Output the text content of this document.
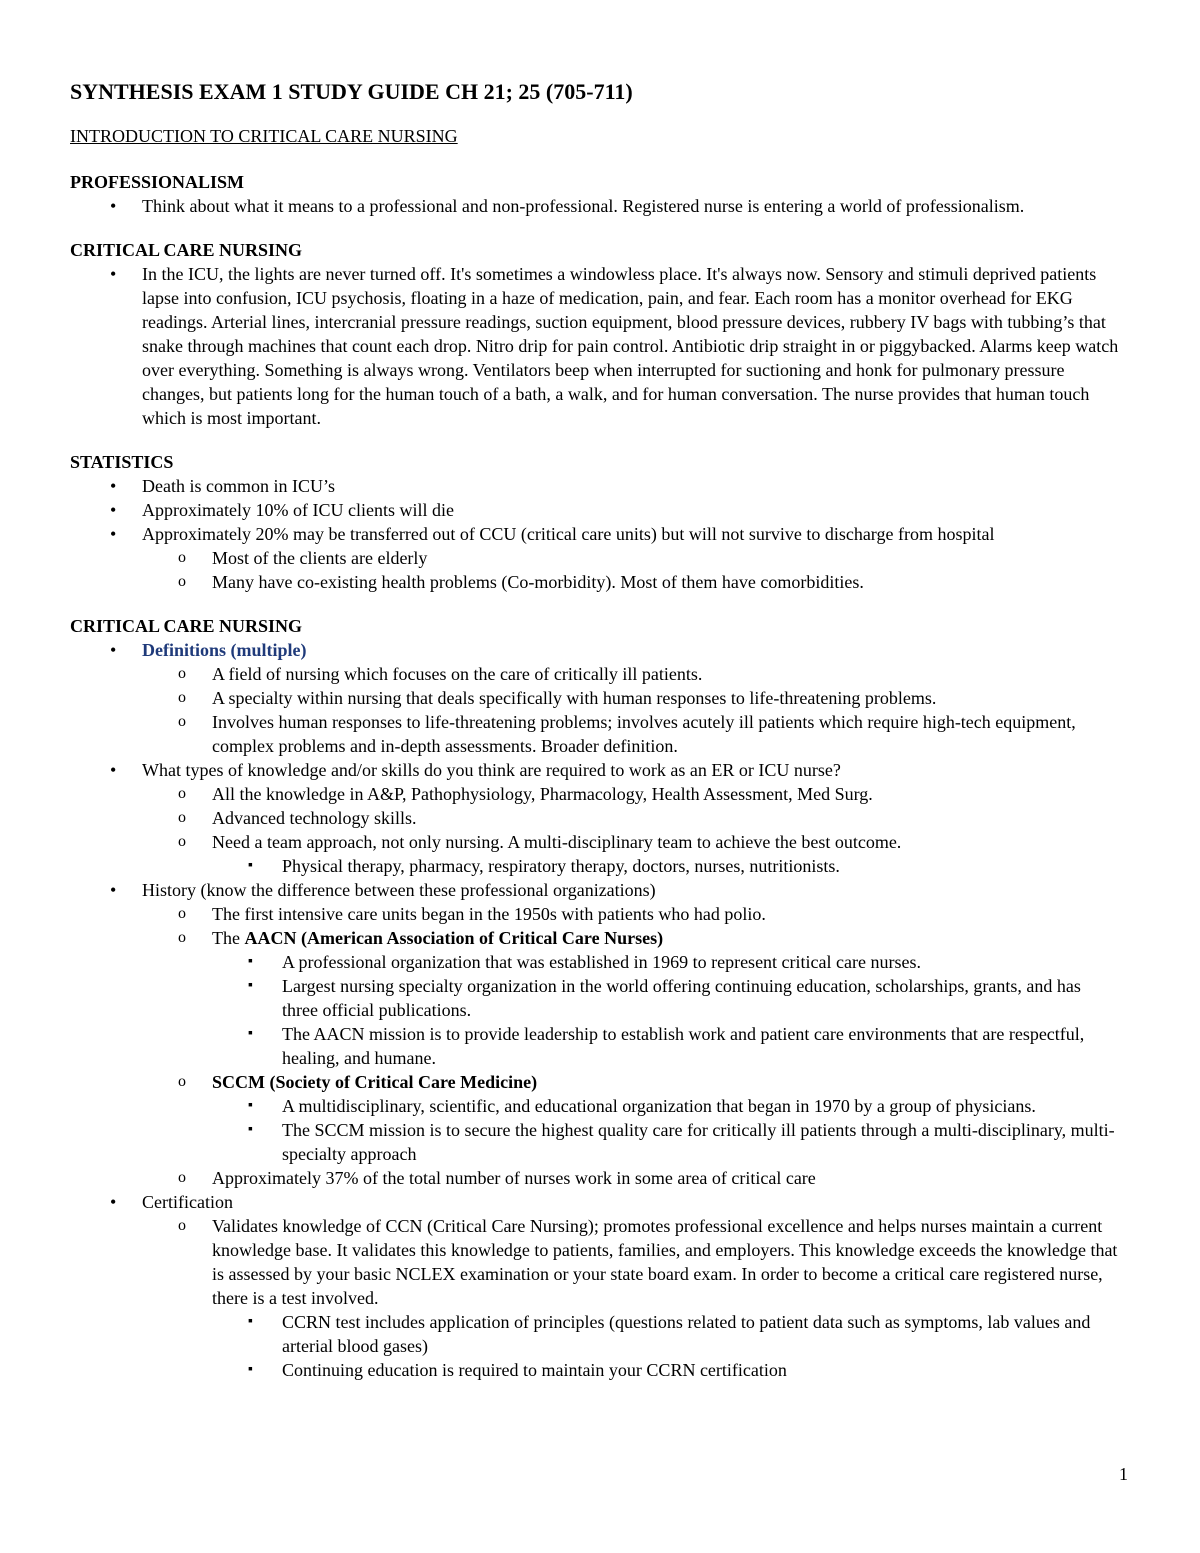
SYNTHESIS EXAM 1 STUDY GUIDE CH 21; 25 (705-711)
INTRODUCTION TO CRITICAL CARE NURSING
PROFESSIONALISM
• Think about what it means to a professional and non-professional. Registered nurse is entering a world of professionalism.
CRITICAL CARE NURSING
• In the ICU, the lights are never turned off. It's sometimes a windowless place. It's always now. Sensory and stimuli deprived patients lapse into confusion, ICU psychosis, floating in a haze of medication, pain, and fear. Each room has a monitor overhead for EKG readings. Arterial lines, intercranial pressure readings, suction equipment, blood pressure devices, rubbery IV bags with tubbing’s that snake through machines that count each drop. Nitro drip for pain control. Antibiotic drip straight in or piggybacked. Alarms keep watch over everything. Something is always wrong. Ventilators beep when interrupted for suctioning and honk for pulmonary pressure changes, but patients long for the human touch of a bath, a walk, and for human conversation. The nurse provides that human touch which is most important.
STATISTICS
• Death is common in ICU’s
• Approximately 10% of ICU clients will die
• Approximately 20% may be transferred out of CCU (critical care units) but will not survive to discharge from hospital
o Most of the clients are elderly
o Many have co-existing health problems (Co-morbidity). Most of them have comorbidities.
CRITICAL CARE NURSING
• Definitions (multiple)
o A field of nursing which focuses on the care of critically ill patients.
o A specialty within nursing that deals specifically with human responses to life-threatening problems.
o Involves human responses to life-threatening problems; involves acutely ill patients which require high-tech equipment, complex problems and in-depth assessments. Broader definition.
• What types of knowledge and/or skills do you think are required to work as an ER or ICU nurse?
o All the knowledge in A&P, Pathophysiology, Pharmacology, Health Assessment, Med Surg.
o Advanced technology skills.
o Need a team approach, not only nursing. A multi-disciplinary team to achieve the best outcome.
▪ Physical therapy, pharmacy, respiratory therapy, doctors, nurses, nutritionists.
• History (know the difference between these professional organizations)
o The first intensive care units began in the 1950s with patients who had polio.
o The AACN (American Association of Critical Care Nurses)
▪ A professional organization that was established in 1969 to represent critical care nurses.
▪ Largest nursing specialty organization in the world offering continuing education, scholarships, grants, and has three official publications.
▪ The AACN mission is to provide leadership to establish work and patient care environments that are respectful, healing, and humane.
o SCCM (Society of Critical Care Medicine)
▪ A multidisciplinary, scientific, and educational organization that began in 1970 by a group of physicians.
▪ The SCCM mission is to secure the highest quality care for critically ill patients through a multi-disciplinary, multi-specialty approach
o Approximately 37% of the total number of nurses work in some area of critical care
• Certification
o Validates knowledge of CCN (Critical Care Nursing); promotes professional excellence and helps nurses maintain a current knowledge base. It validates this knowledge to patients, families, and employers. This knowledge exceeds the knowledge that is assessed by your basic NCLEX examination or your state board exam. In order to become a critical care registered nurse, there is a test involved.
▪ CCRN test includes application of principles (questions related to patient data such as symptoms, lab values and arterial blood gases)
▪ Continuing education is required to maintain your CCRN certification
1
